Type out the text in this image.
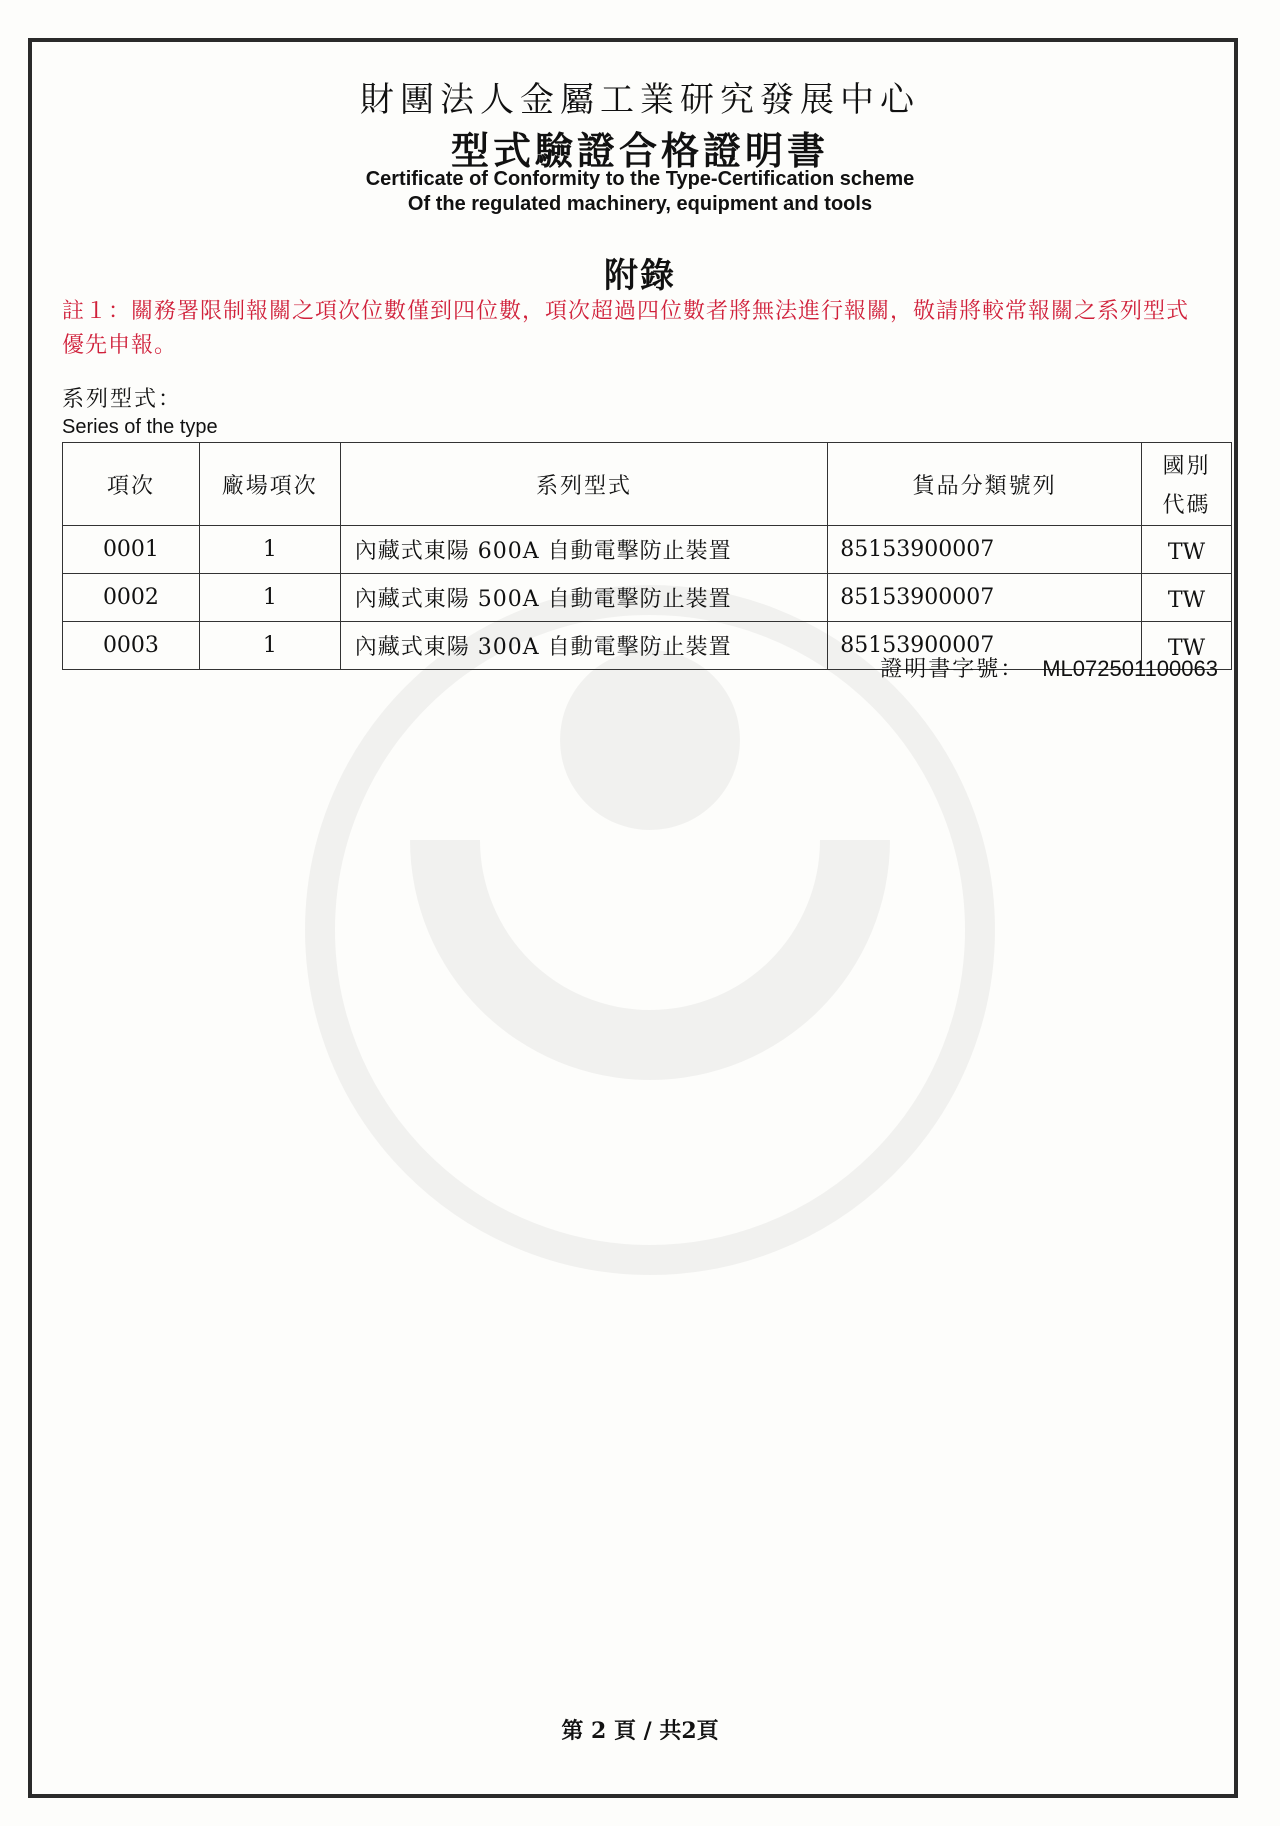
財團法人金屬工業研究發展中心
型式驗證合格證明書
Certificate of Conformity to the Type-Certification scheme
Of the regulated machinery, equipment and tools
附錄
註１：關務署限制報關之項次位數僅到四位數，項次超過四位數者將無法進行報關，敬請將較常報關之系列型式優先申報。
系列型式：
Series of the type
項次	廠場項次	系列型式	貨品分類號列	國別
代碼

0001	1	內藏式東陽 600A 自動電擊防止裝置	85153900007	TW
0002	1	內藏式東陽 500A 自動電擊防止裝置	85153900007	TW
0003	1	內藏式東陽 300A 自動電擊防止裝置	85153900007	TW
證明書字號： ML072501100063
第 2 頁 / 共2頁
